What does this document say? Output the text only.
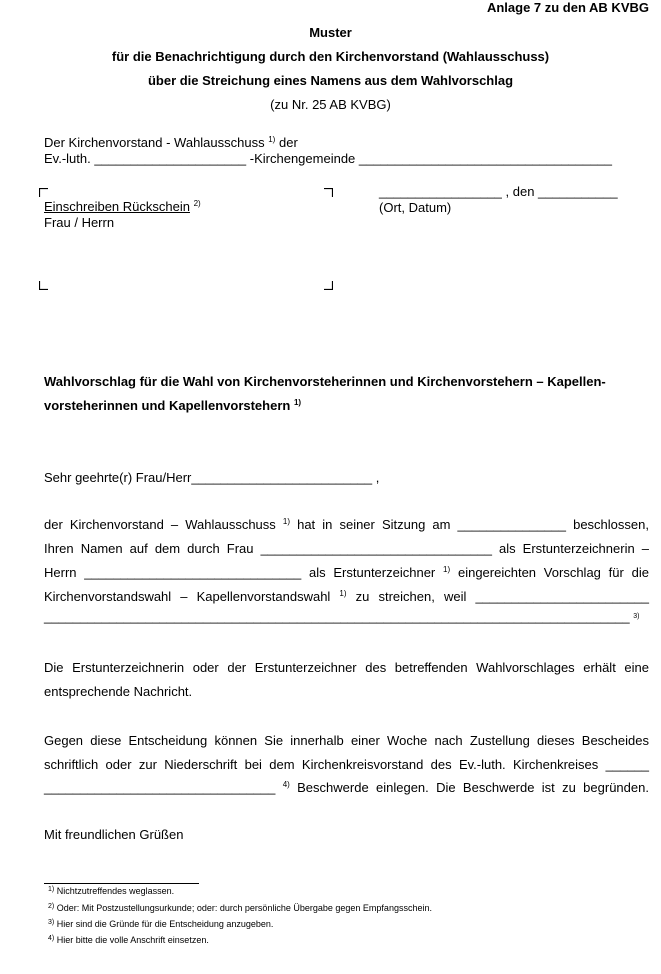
Anlage 7 zu den AB KVBG
Muster
für die Benachrichtigung durch den Kirchenvorstand (Wahlausschuss)
über die Streichung eines Namens aus dem Wahlvorschlag
(zu Nr. 25 AB KVBG)
Der Kirchenvorstand - Wahlausschuss $^{1)}$ der
Ev.-luth. _____________________ -Kirchengemeinde ___________________________________
Einschreiben Rückschein $^{2)}$
Frau / Herrn
_________________ , den ___________
(Ort, Datum)
Wahlvorschlag für die Wahl von Kirchenvorsteherinnen und Kirchenvorstehern – Kapellen-
vorsteherinnen und Kapellenvorstehern $^{1)}$
Sehr geehrte(r) Frau/Herr_________________________ ,
der Kirchenvorstand – Wahlausschuss $^{1)}$ hat in seiner Sitzung am _______________ beschlossen,
Ihren Namen auf dem durch Frau ________________________________ als Erstunterzeichnerin –
Herrn ______________________________ als Erstunterzeichner $^{1)}$ eingereichten Vorschlag für die
Kirchenvorstandswahl – Kapellenvorstandswahl $^{1)}$ zu streichen, weil ________________________
_________________________________________________________________________________ $^{3)}$
Die Erstunterzeichnerin oder der Erstunterzeichner des betreffenden Wahlvorschlages erhält eine
entsprechende Nachricht.
Gegen diese Entscheidung können Sie innerhalb einer Woche nach Zustellung dieses Bescheides
schriftlich oder zur Niederschrift bei dem Kirchenkreisvorstand des Ev.-luth. Kirchenkreises ______
________________________________ $^{4)}$ Beschwerde einlegen. Die Beschwerde ist zu begründen.
Mit freundlichen Grüßen
$^{1)}$ Nichtzutreffendes weglassen.
$^{2)}$ Oder: Mit Postzustellungsurkunde; oder: durch persönliche Übergabe gegen Empfangsschein.
$^{3)}$ Hier sind die Gründe für die Entscheidung anzugeben.
$^{4)}$ Hier bitte die volle Anschrift einsetzen.
